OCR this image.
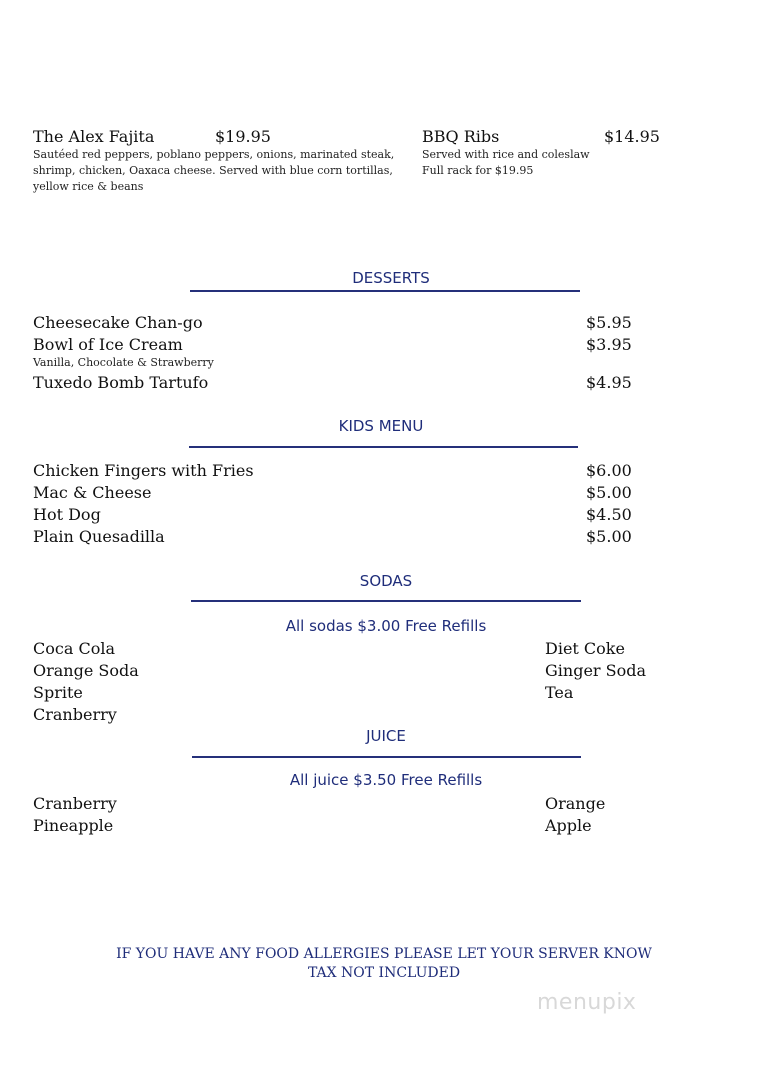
The Alex Fajita	$19.95
Sautéed red peppers, poblano peppers, onions, marinated steak, shrimp, chicken, Oaxaca cheese. Served with blue corn tortillas, yellow rice & beans
BBQ Ribs	$14.95
Served with rice and coleslaw
Full rack for $19.95
DESSERTS
Cheesecake Chan-go	$5.95
Bowl of Ice Cream	$3.95
Vanilla, Chocolate & Strawberry
Tuxedo Bomb Tartufo	$4.95
KIDS MENU
Chicken Fingers with Fries	$6.00
Mac & Cheese	$5.00
Hot Dog	$4.50
Plain Quesadilla	$5.00
SODAS
All sodas $3.00 Free Refills
Coca Cola
Orange Soda
Sprite
Cranberry
Diet Coke
Ginger Soda
Tea
JUICE
All juice $3.50 Free Refills
Cranberry
Pineapple
Orange
Apple
IF YOU HAVE ANY FOOD ALLERGIES PLEASE LET YOUR SERVER KNOW
TAX NOT INCLUDED
menupix
